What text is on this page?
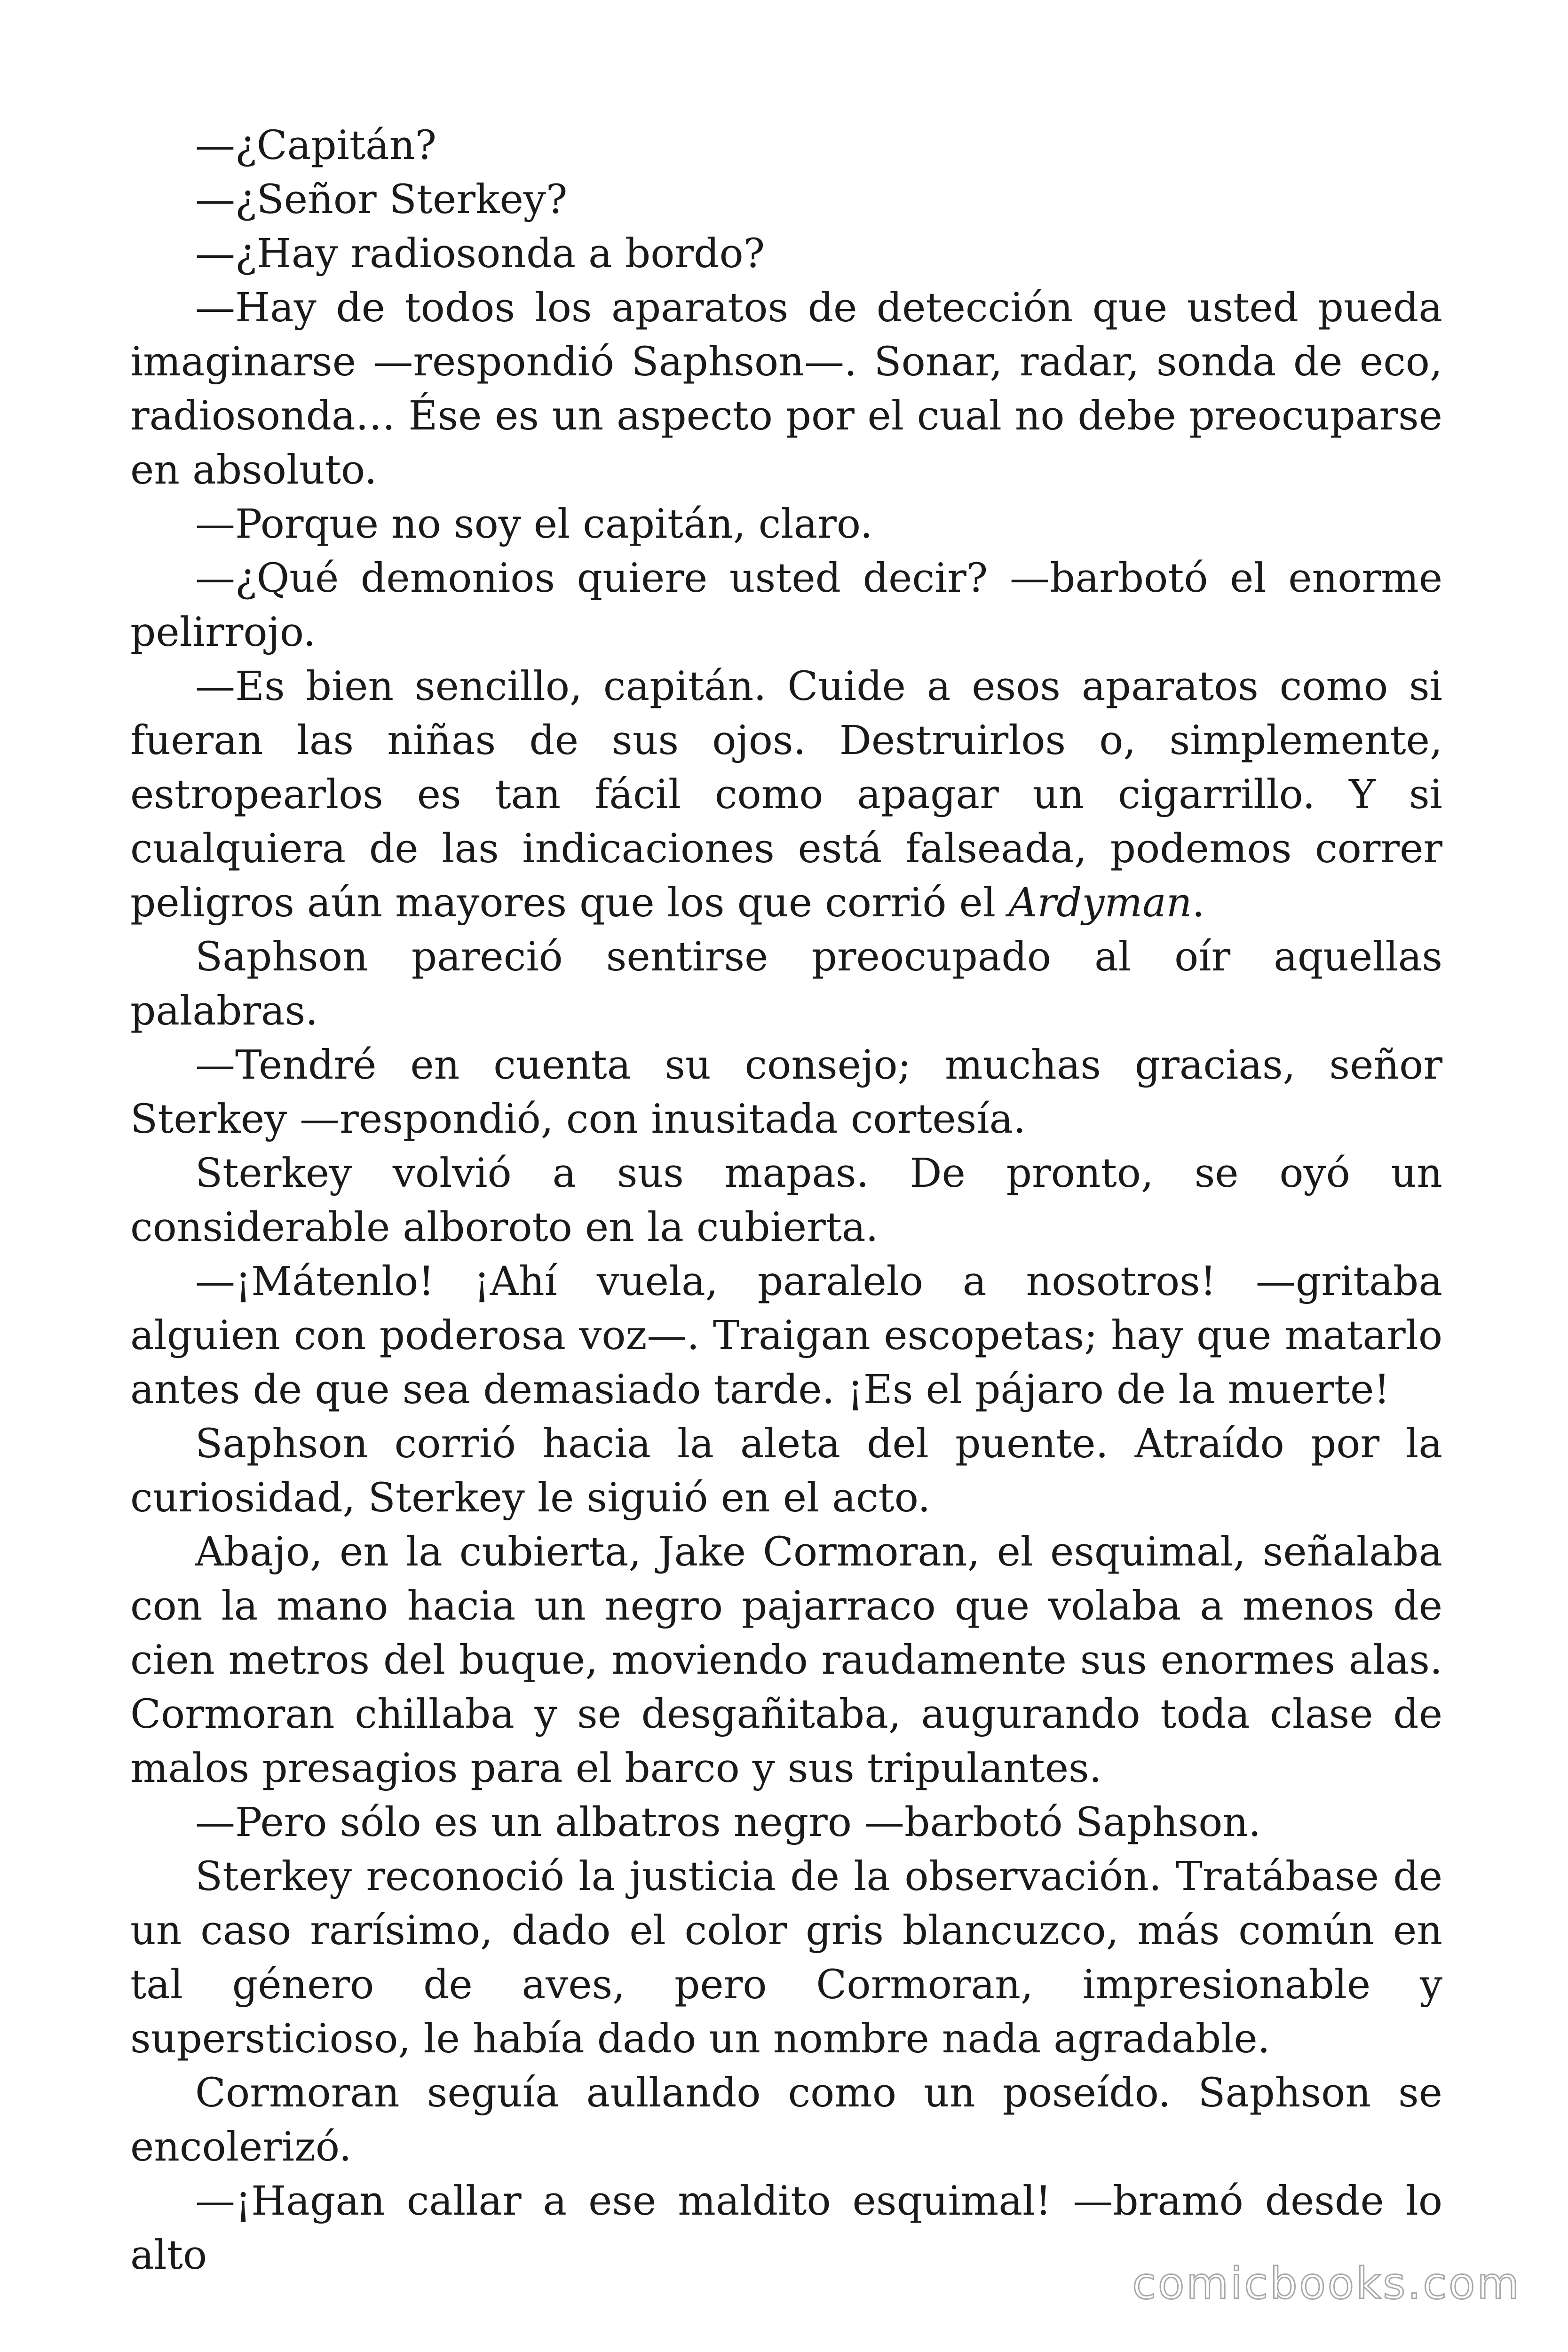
—¿Capitán?

—¿Señor Sterkey?

—¿Hay radiosonda a bordo?

—Hay de todos los aparatos de detección que usted pueda imaginarse —respondió Saphson—. Sonar, radar, sonda de eco, radiosonda… Ése es un aspecto por el cual no debe preocuparse en absoluto.

—Porque no soy el capitán, claro.

—¿Qué demonios quiere usted decir? —barbotó el enorme pelirrojo.

—Es bien sencillo, capitán. Cuide a esos aparatos como si fueran las niñas de sus ojos. Destruirlos o, simplemente, estropearlos es tan fácil como apagar un cigarrillo. Y si cualquiera de las indicaciones está falseada, podemos correr peligros aún mayores que los que corrió el Ardyman.

Saphson pareció sentirse preocupado al oír aquellas palabras.

—Tendré en cuenta su consejo; muchas gracias, señor Sterkey —respondió, con inusitada cortesía.

Sterkey volvió a sus mapas. De pronto, se oyó un considerable alboroto en la cubierta.

—¡Mátenlo! ¡Ahí vuela, paralelo a nosotros! —gritaba alguien con poderosa voz—. Traigan escopetas; hay que matarlo antes de que sea demasiado tarde. ¡Es el pájaro de la muerte!

Saphson corrió hacia la aleta del puente. Atraído por la curiosidad, Sterkey le siguió en el acto.

Abajo, en la cubierta, Jake Cormoran, el esquimal, señalaba con la mano hacia un negro pajarraco que volaba a menos de cien metros del buque, moviendo raudamente sus enormes alas. Cormoran chillaba y se desgañitaba, augurando toda clase de malos presagios para el barco y sus tripulantes.

—Pero sólo es un albatros negro —barbotó Saphson.

Sterkey reconoció la justicia de la observación. Tratábase de un caso rarísimo, dado el color gris blancuzco, más común en tal género de aves, pero Cormoran, impresionable y supersticioso, le había dado un nombre nada agradable.

Cormoran seguía aullando como un poseído. Saphson se encolerizó.

—¡Hagan callar a ese maldito esquimal! —bramó desde lo alto

comicbooks.com
